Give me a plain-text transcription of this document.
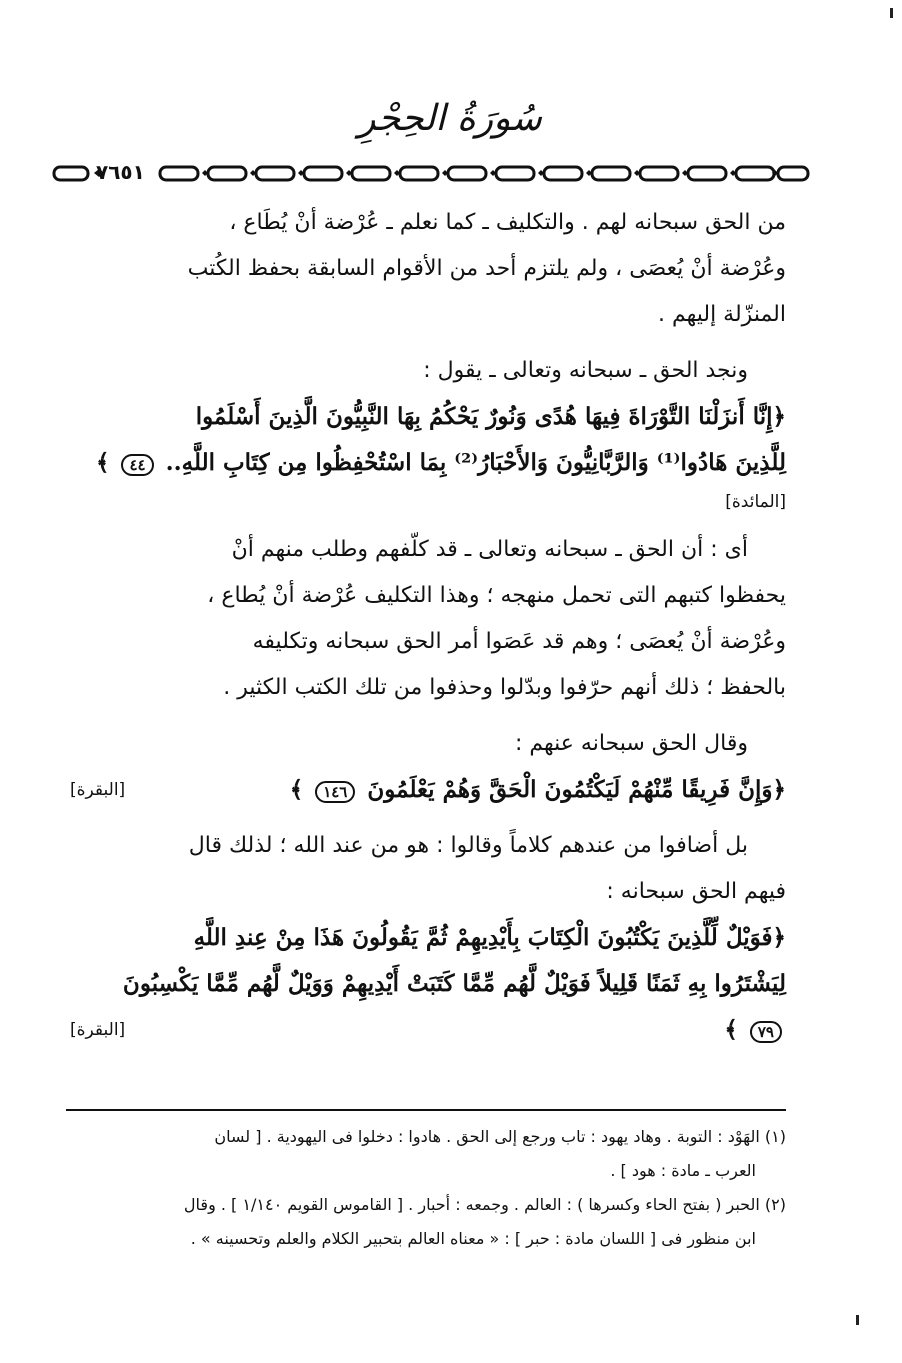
سُورَةُ الحِجْرِ
٧٦٥١

من الحق سبحانه لهم . والتكليف ـ كما نعلم ـ عُرْضة أنْ يُطَاع ،

وعُرْضة أنْ يُعصَى ، ولم يلتزم أحد من الأقوام السابقة بحفظ الكُتب

المنزّلة إليهم .

ونجد الحق ـ سبحانه وتعالى ـ يقول :

﴿إِنَّا أَنزَلْنَا التَّوْرَاةَ فِيهَا هُدًى وَنُورٌ يَحْكُمُ بِهَا النَّبِيُّونَ الَّذِينَ أَسْلَمُوا

لِلَّذِينَ هَادُوا⁽¹⁾ وَالرَّبَّانِيُّونَ وَالأَحْبَارُ⁽²⁾ بِمَا اسْتُحْفِظُوا مِن كِتَابِ اللَّهِ.. ٤٤ ﴾

[المائدة]

أى : أن الحق ـ سبحانه وتعالى ـ قد كلّفهم وطلب منهم أنْ

يحفظوا كتبهم التى تحمل منهجه ؛ وهذا التكليف عُرْضة أنْ يُطاع ،

وعُرْضة أنْ يُعصَى ؛ وهم قد عَصَوا أمر الحق سبحانه وتكليفه

بالحفظ ؛ ذلك أنهم حرّفوا وبدّلوا وحذفوا من تلك الكتب الكثير .

وقال الحق سبحانه عنهم :

﴿وَإِنَّ فَرِيقًا مِّنْهُمْ لَيَكْتُمُونَ الْحَقَّ وَهُمْ يَعْلَمُونَ ١٤٦ ﴾
[البقرة]

بل أضافوا من عندهم كلاماً وقالوا : هو من عند الله ؛ لذلك قال

فيهم الحق سبحانه :

﴿فَوَيْلٌ لِّلَّذِينَ يَكْتُبُونَ الْكِتَابَ بِأَيْدِيهِمْ ثُمَّ يَقُولُونَ هَذَا مِنْ عِندِ اللَّهِ

لِيَشْتَرُوا بِهِ ثَمَنًا قَلِيلاً فَوَيْلٌ لَّهُم مِّمَّا كَتَبَتْ أَيْدِيهِمْ وَوَيْلٌ لَّهُم مِّمَّا يَكْسِبُونَ

٧٩ ﴾
[البقرة]

(١) الهَوْد : التوبة . وهاد يهود : تاب ورجع إلى الحق . هادوا : دخلوا فى اليهودية . [ لسان

العرب ـ مادة : هود ] .

(٢) الحبر ( بفتح الحاء وكسرها ) : العالم . وجمعه : أحبار . [ القاموس القويم ١/١٤٠ ] . وقال

ابن منظور فى [ اللسان مادة : حبر ] : « معناه العالم بتحبير الكلام والعلم وتحسينه » .
